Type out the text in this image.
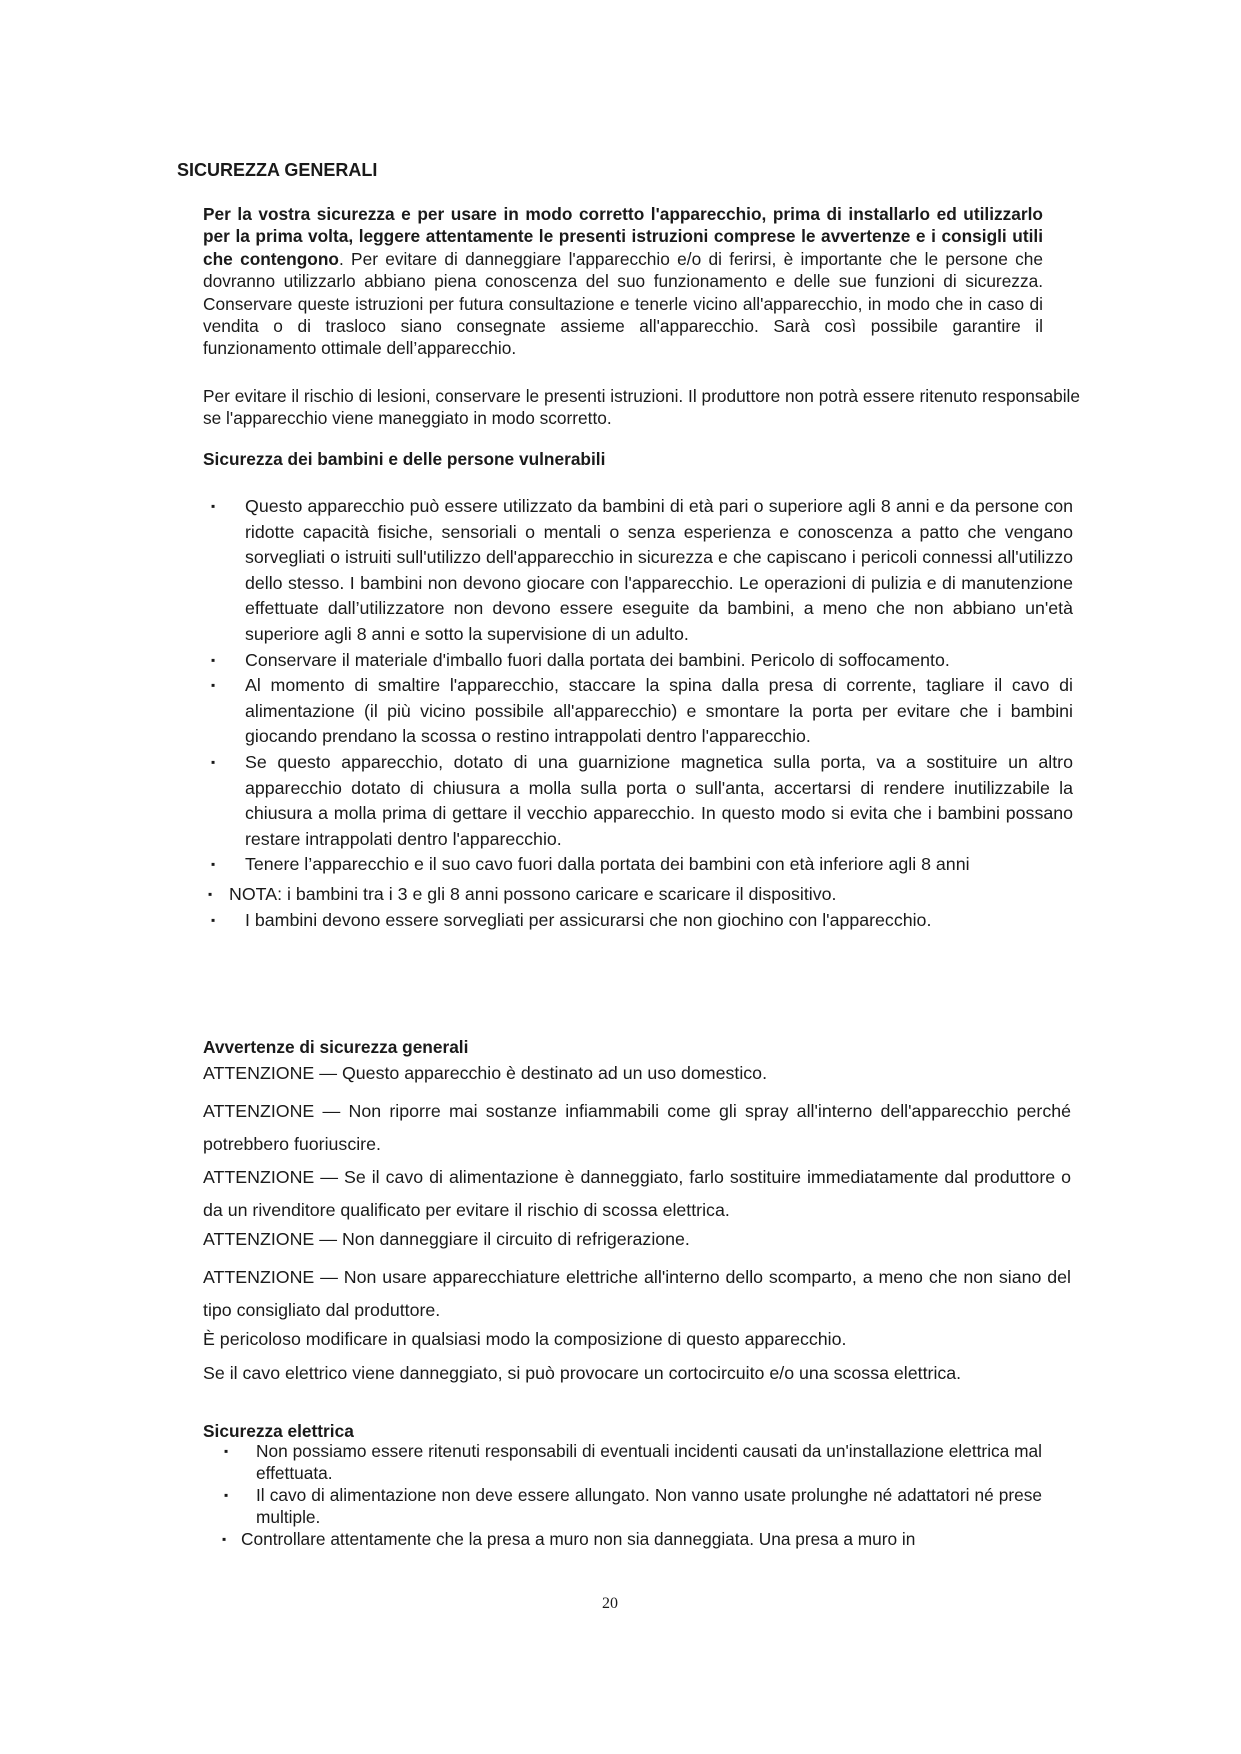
SICUREZZA GENERALI

Per la vostra sicurezza e per usare in modo corretto l'apparecchio, prima di installarlo ed utilizzarlo per la prima volta, leggere attentamente le presenti istruzioni comprese le avvertenze e i consigli utili che contengono. Per evitare di danneggiare l'apparecchio e/o di ferirsi, è importante che le persone che dovranno utilizzarlo abbiano piena conoscenza del suo funzionamento e delle sue funzioni di sicurezza. Conservare queste istruzioni per futura consultazione e tenerle vicino all'apparecchio, in modo che in caso di vendita o di trasloco siano consegnate assieme all'apparecchio. Sarà così possibile garantire il funzionamento ottimale dell’apparecchio.

Per evitare il rischio di lesioni, conservare le presenti istruzioni. Il produttore non potrà essere ritenuto responsabile se l'apparecchio viene maneggiato in modo scorretto.

Sicurezza dei bambini e delle persone vulnerabili
▪ Questo apparecchio può essere utilizzato da bambini di età pari o superiore agli 8 anni e da persone con ridotte capacità fisiche, sensoriali o mentali o senza esperienza e conoscenza a patto che vengano sorvegliati o istruiti sull'utilizzo dell'apparecchio in sicurezza e che capiscano i pericoli connessi all'utilizzo dello stesso. I bambini non devono giocare con l'apparecchio. Le operazioni di pulizia e di manutenzione effettuate dall’utilizzatore non devono essere eseguite da bambini, a meno che non abbiano un'età superiore agli 8 anni e sotto la supervisione di un adulto.
▪ Conservare il materiale d'imballo fuori dalla portata dei bambini. Pericolo di soffocamento.
▪ Al momento di smaltire l'apparecchio, staccare la spina dalla presa di corrente, tagliare il cavo di alimentazione (il più vicino possibile all'apparecchio) e smontare la porta per evitare che i bambini giocando prendano la scossa o restino intrappolati dentro l'apparecchio.
▪ Se questo apparecchio, dotato di una guarnizione magnetica sulla porta, va a sostituire un altro apparecchio dotato di chiusura a molla sulla porta o sull'anta, accertarsi di rendere inutilizzabile la chiusura a molla prima di gettare il vecchio apparecchio. In questo modo si evita che i bambini possano restare intrappolati dentro l'apparecchio.
▪ Tenere l’apparecchio e il suo cavo fuori dalla portata dei bambini con età inferiore agli 8 anni
▪ NOTA: i bambini tra i 3 e gli 8 anni possono caricare e scaricare il dispositivo.
▪ I bambini devono essere sorvegliati per assicurarsi che non giochino con l'apparecchio.
Avvertenze di sicurezza generali

ATTENZIONE — Questo apparecchio è destinato ad un uso domestico.

ATTENZIONE — Non riporre mai sostanze infiammabili come gli spray all'interno dell'apparecchio perché potrebbero fuoriuscire.

ATTENZIONE — Se il cavo di alimentazione è danneggiato, farlo sostituire immediatamente dal produttore o da un rivenditore qualificato per evitare il rischio di scossa elettrica.

ATTENZIONE — Non danneggiare il circuito di refrigerazione.

ATTENZIONE — Non usare apparecchiature elettriche all'interno dello scomparto, a meno che non siano del tipo consigliato dal produttore.

È pericoloso modificare in qualsiasi modo la composizione di questo apparecchio.

Se il cavo elettrico viene danneggiato, si può provocare un cortocircuito e/o una scossa elettrica.

Sicurezza elettrica
▪ Non possiamo essere ritenuti responsabili di eventuali incidenti causati da un'installazione elettrica mal effettuata.
▪ Il cavo di alimentazione non deve essere allungato. Non vanno usate prolunghe né adattatori né prese multiple.
▪ Controllare attentamente che la presa a muro non sia danneggiata. Una presa a muro in
20
